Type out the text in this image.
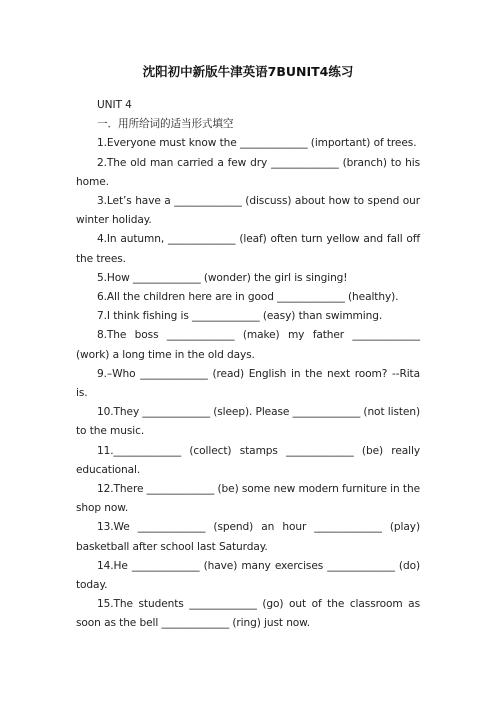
沈阳初中新版牛津英语7BUNIT4练习

UNIT 4

一．用所给词的适当形式填空

1.Everyone must know the _____________ (important) of trees.

2.The old man carried a few dry _____________ (branch) to his home.

3.Let’s have a _____________ (discuss) about how to spend our winter holiday.

4.In autumn, _____________ (leaf) often turn yellow and fall off the trees.

5.How _____________ (wonder) the girl is singing!

6.All the children here are in good _____________ (healthy).

7.I think fishing is _____________ (easy) than swimming.

8.The boss _____________ (make) my father _____________ (work) a long time in the old days.

9.–Who _____________ (read) English in the next room? --Rita is.

10.They _____________ (sleep). Please _____________ (not listen) to the music.

11._____________ (collect) stamps _____________ (be) really educational.

12.There _____________ (be) some new modern furniture in the shop now.

13.We _____________ (spend) an hour _____________ (play) basketball after school last Saturday.

14.He _____________ (have) many exercises _____________ (do) today.

15.The students _____________ (go) out of the classroom as soon as the bell _____________ (ring) just now.
